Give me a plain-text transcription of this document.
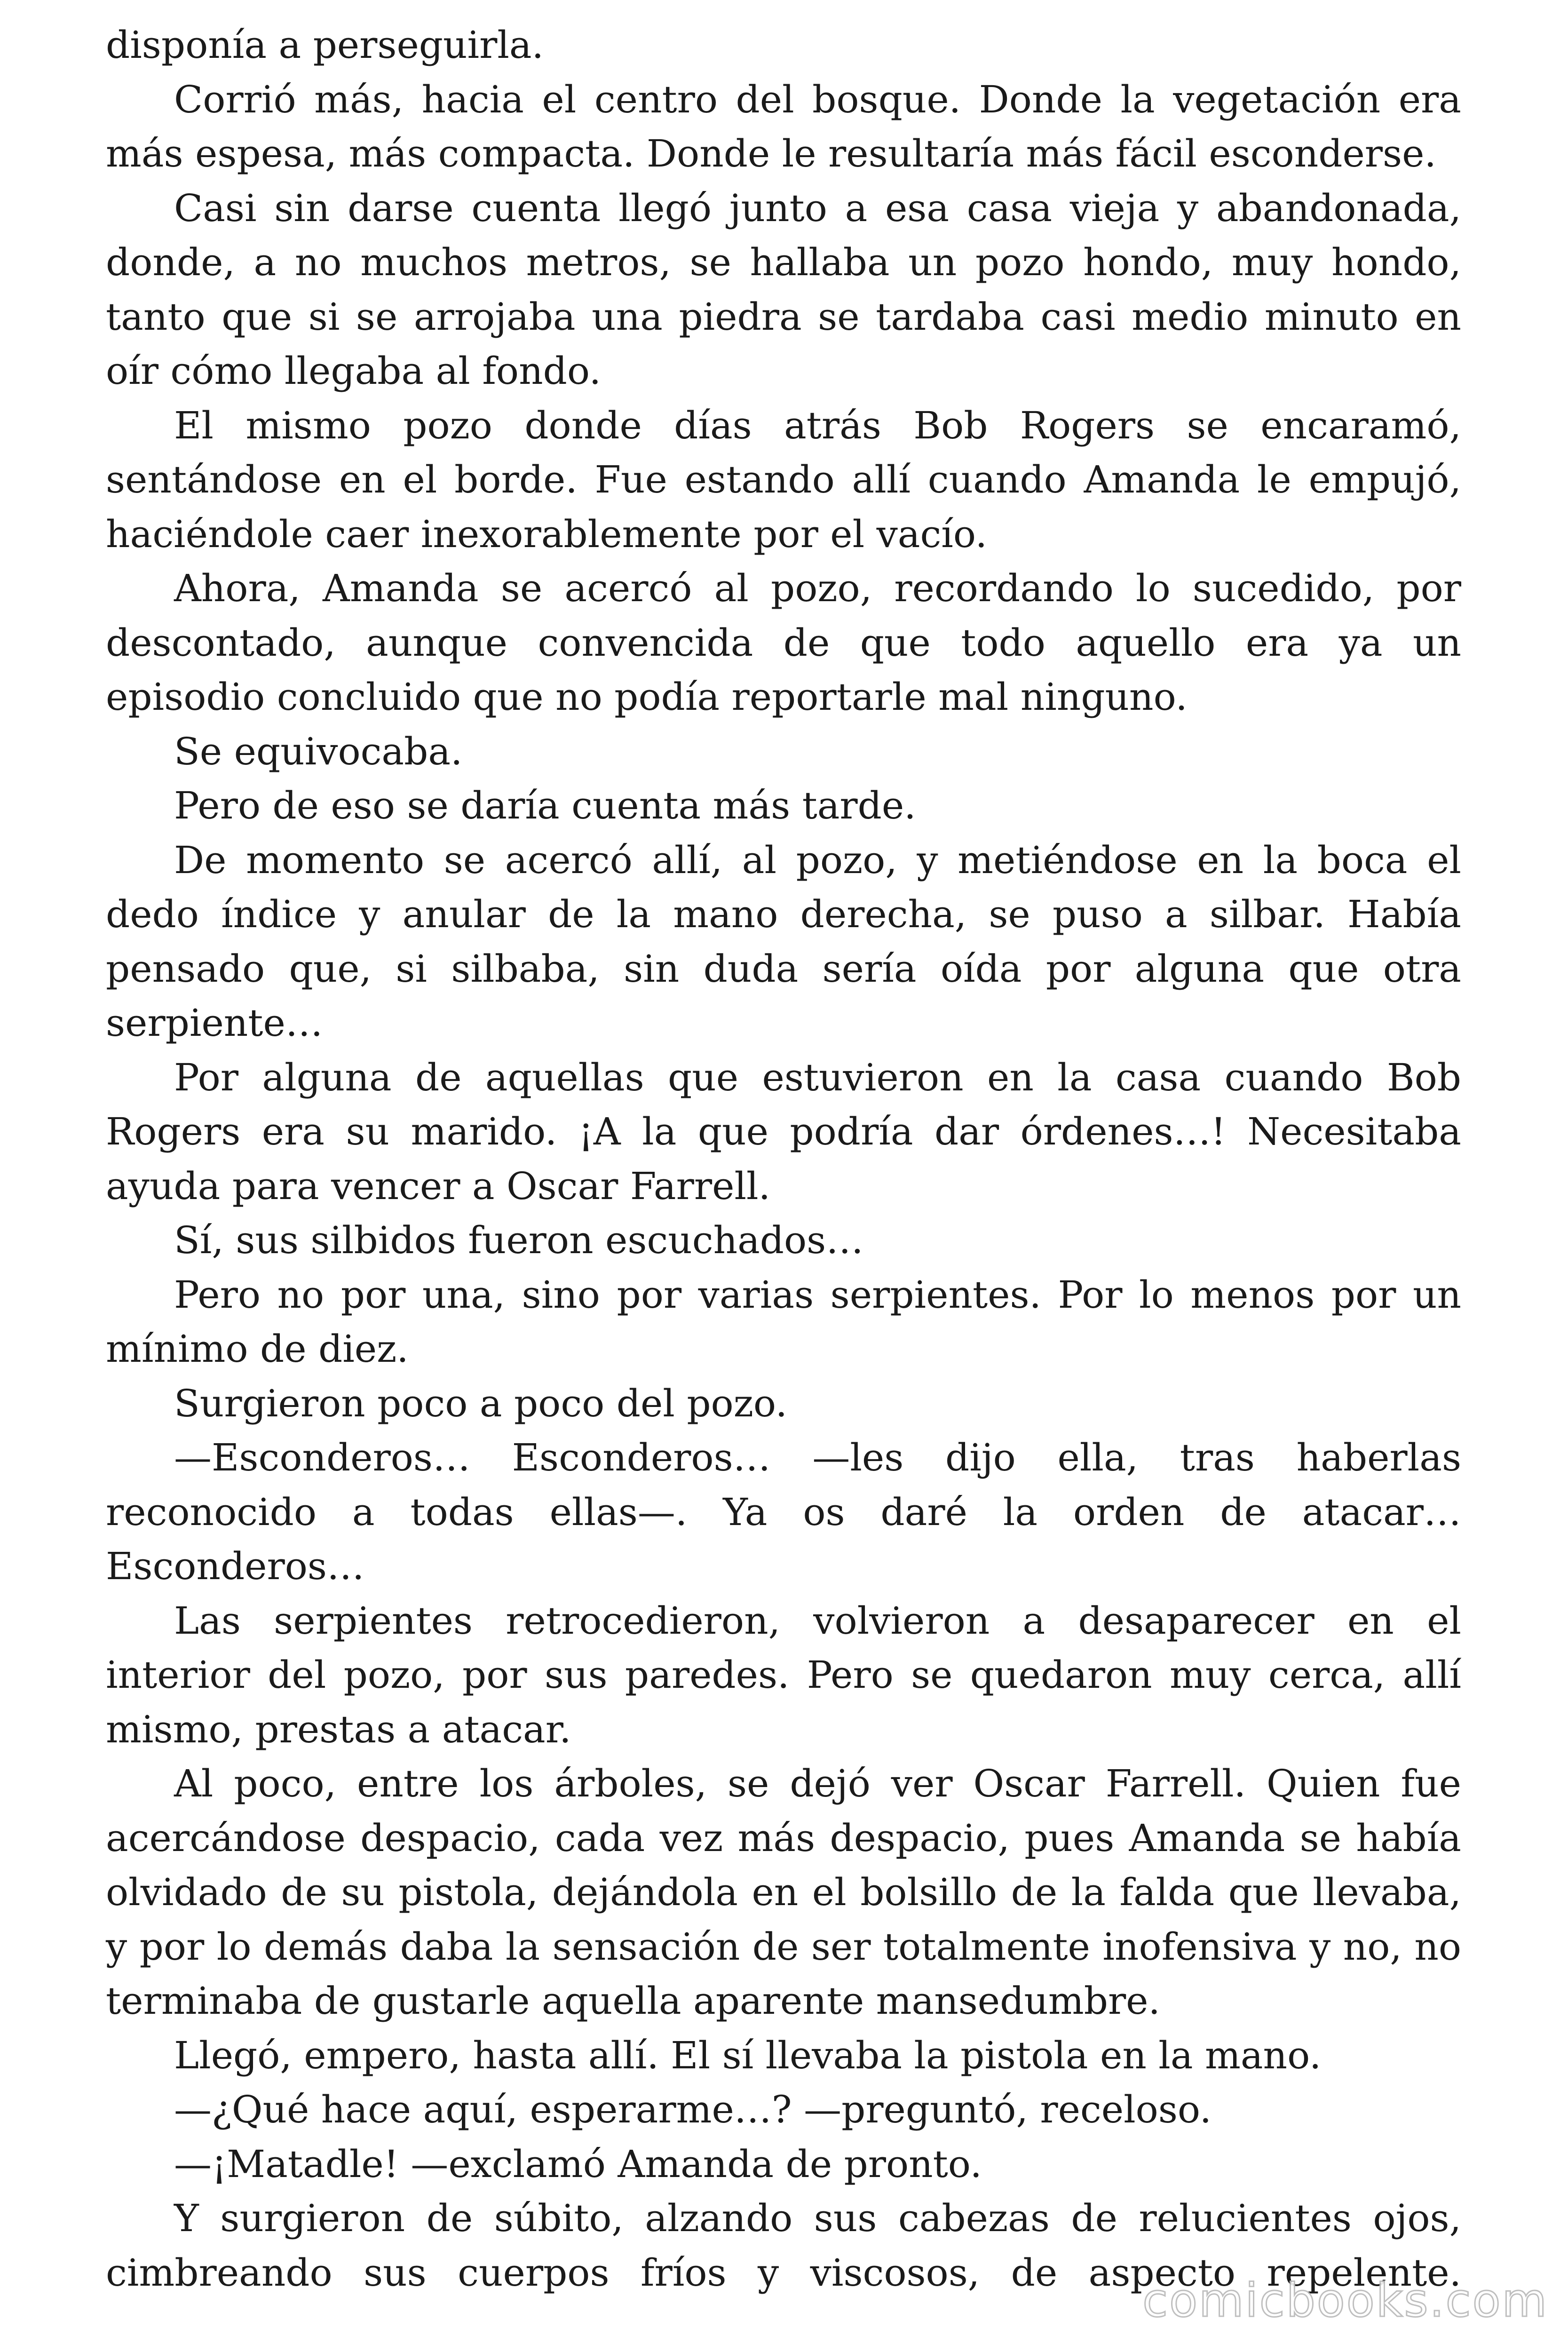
disponía a perseguirla.

Corrió más, hacia el centro del bosque. Donde la vegetación era más espesa, más compacta. Donde le resultaría más fácil esconderse.

Casi sin darse cuenta llegó junto a esa casa vieja y abandonada, donde, a no muchos metros, se hallaba un pozo hondo, muy hondo, tanto que si se arrojaba una piedra se tardaba casi medio minuto en oír cómo llegaba al fondo.

El mismo pozo donde días atrás Bob Rogers se encaramó, sentándose en el borde. Fue estando allí cuando Amanda le empujó, haciéndole caer inexorablemente por el vacío.

Ahora, Amanda se acercó al pozo, recordando lo sucedido, por descontado, aunque convencida de que todo aquello era ya un episodio concluido que no podía reportarle mal ninguno.

Se equivocaba.

Pero de eso se daría cuenta más tarde.

De momento se acercó allí, al pozo, y metiéndose en la boca el dedo índice y anular de la mano derecha, se puso a silbar. Había pensado que, si silbaba, sin duda sería oída por alguna que otra serpiente…

Por alguna de aquellas que estuvieron en la casa cuando Bob Rogers era su marido. ¡A la que podría dar órdenes…! Necesitaba ayuda para vencer a Oscar Farrell.

Sí, sus silbidos fueron escuchados…

Pero no por una, sino por varias serpientes. Por lo menos por un mínimo de diez.

Surgieron poco a poco del pozo.

—Esconderos… Esconderos… —les dijo ella, tras haberlas reconocido a todas ellas—. Ya os daré la orden de atacar… Esconderos…

Las serpientes retrocedieron, volvieron a desaparecer en el interior del pozo, por sus paredes. Pero se quedaron muy cerca, allí mismo, prestas a atacar.

Al poco, entre los árboles, se dejó ver Oscar Farrell. Quien fue acercándose despacio, cada vez más despacio, pues Amanda se había olvidado de su pistola, dejándola en el bolsillo de la falda que llevaba, y por lo demás daba la sensación de ser totalmente inofensiva y no, no terminaba de gustarle aquella aparente mansedumbre.

Llegó, empero, hasta allí. El sí llevaba la pistola en la mano.

—¿Qué hace aquí, esperarme…? —preguntó, receloso.

—¡Matadle! —exclamó Amanda de pronto.

Y surgieron de súbito, alzando sus cabezas de relucientes ojos, cimbreando sus cuerpos fríos y viscosos, de aspecto repelente.

comicbooks.com
